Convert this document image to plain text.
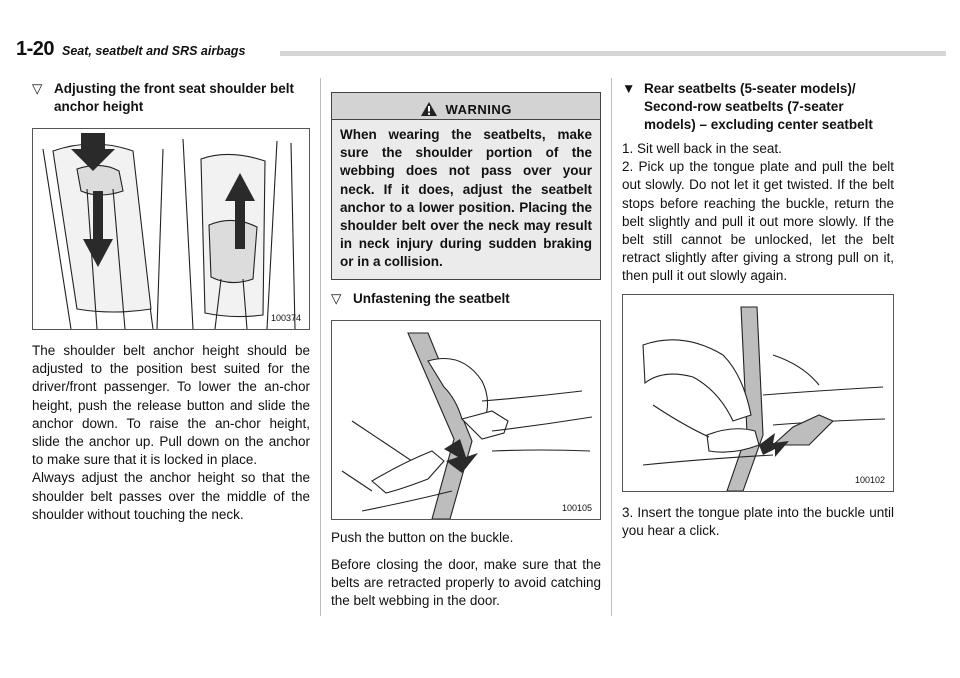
1-20 Seat, seatbelt and SRS airbags
▽ Adjusting the front seat shoulder belt anchor height
100374

The shoulder belt anchor height should be adjusted to the position best suited for the driver/front passenger. To lower the an-chor height, push the release button and slide the anchor down. To raise the an-chor height, slide the anchor up. Pull down on the anchor to make sure that it is locked in place.

Always adjust the anchor height so that the shoulder belt passes over the middle of the shoulder without touching the neck.

$_{WARNING}$
When wearing the seatbelts, make sure the shoulder portion of the webbing does not pass over your neck. If it does, adjust the seatbelt anchor to a lower position. Placing the shoulder belt over the neck may result in neck injury during sudden braking or in a collision.
▽ Unfastening the seatbelt
100105

Push the button on the buckle.

Before closing the door, make sure that the belts are retracted properly to avoid catching the belt webbing in the door.

▼ Rear seatbelts (5-seater models)/ Second-row seatbelts (7-seater models) – excluding center seatbelt

1. Sit well back in the seat.

2. Pick up the tongue plate and pull the belt out slowly. Do not let it get twisted. If the belt stops before reaching the buckle, return the belt slightly and pull it out more slowly. If the belt still cannot be unlocked, let the belt retract slightly after giving a strong pull on it, then pull it out slowly again.

100102

3. Insert the tongue plate into the buckle until you hear a click.
